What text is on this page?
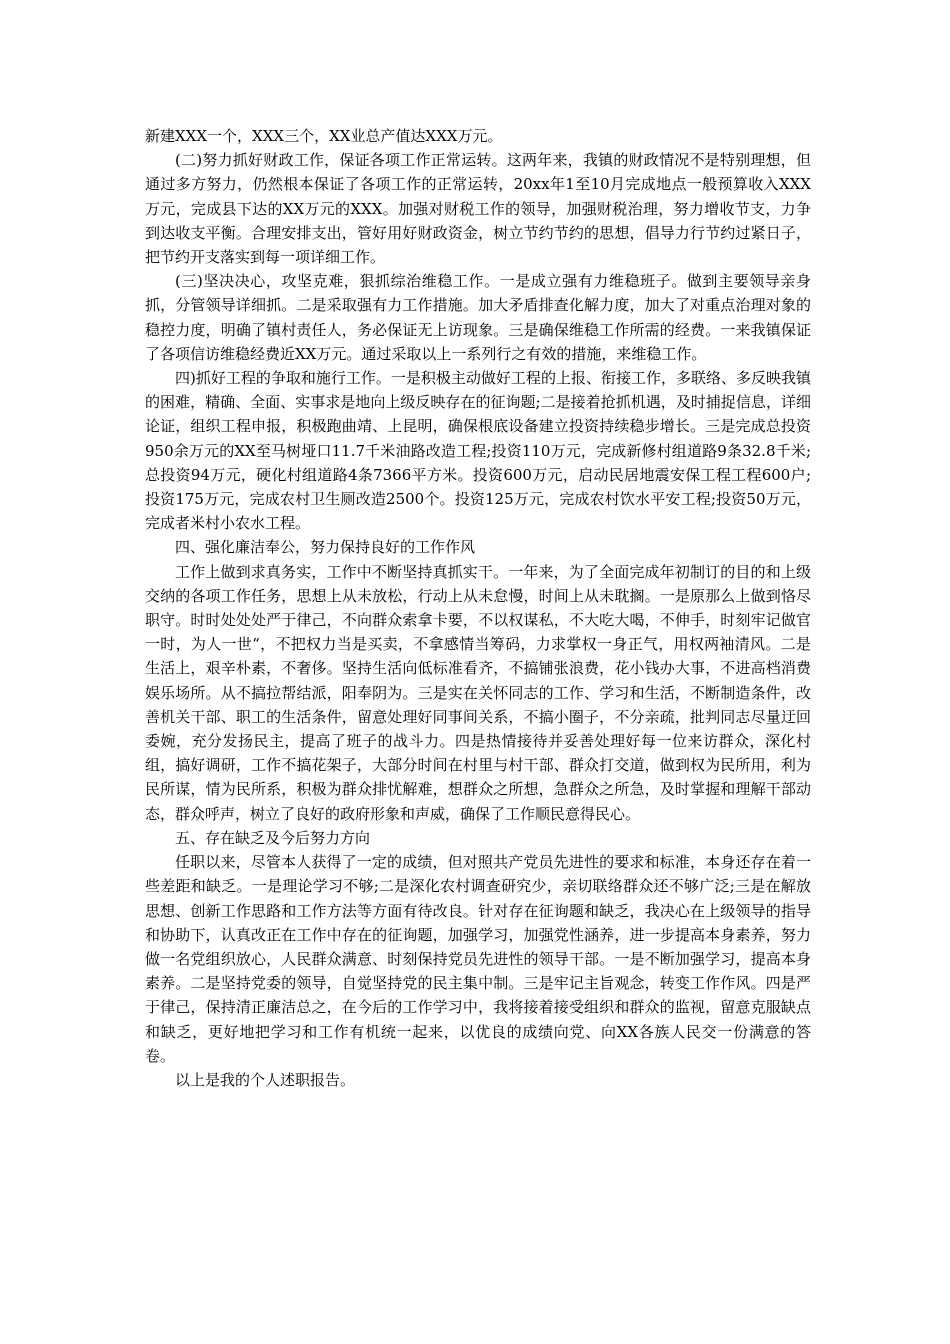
新建XXX一个，XXX三个，XX业总产值达XXX万元。

(二)努力抓好财政工作，保证各项工作正常运转。这两年来，我镇的财政情况不是特别理想，但通过多方努力，仍然根本保证了各项工作的正常运转，20xx年1至10月完成地点一般预算收入XXX万元，完成县下达的XX万元的XXX。加强对财税工作的领导，加强财税治理，努力增收节支，力争到达收支平衡。合理安排支出，管好用好财政资金，树立节约节约的思想，倡导力行节约过紧日子，把节约开支落实到每一项详细工作。

(三)坚决决心，攻坚克难，狠抓综治维稳工作。一是成立强有力维稳班子。做到主要领导亲身抓，分管领导详细抓。二是采取强有力工作措施。加大矛盾排查化解力度，加大了对重点治理对象的稳控力度，明确了镇村责任人，务必保证无上访现象。三是确保维稳工作所需的经费。一来我镇保证了各项信访维稳经费近XX万元。通过采取以上一系列行之有效的措施，来维稳工作。

四)抓好工程的争取和施行工作。一是积极主动做好工程的上报、衔接工作，多联络、多反映我镇的困难，精确、全面、实事求是地向上级反映存在的征询题;二是接着抢抓机遇，及时捕捉信息，详细论证，组织工程申报，积极跑曲靖、上昆明，确保根底设备建立投资持续稳步增长。三是完成总投资950余万元的XX至马树垭口11.7千米油路改造工程;投资110万元，完成新修村组道路9条32.8千米;总投资94万元，硬化村组道路4条7366平方米。投资600万元，启动民居地震安保工程工程600户;投资175万元，完成农村卫生厕改造2500个。投资125万元，完成农村饮水平安工程;投资50万元，完成者米村小农水工程。

四、强化廉洁奉公，努力保持良好的工作作风

工作上做到求真务实，工作中不断坚持真抓实干。一年来，为了全面完成年初制订的目的和上级交纳的各项工作任务，思想上从未放松，行动上从未怠慢，时间上从未耽搁。一是原那么上做到恪尽职守。时时处处处严于律己，不向群众索拿卡要，不以权谋私，不大吃大喝，不伸手，时刻牢记做官一时，为人一世“，不把权力当是买卖，不拿感情当筹码，力求掌权一身正气，用权两袖清风。二是生活上，艰辛朴素，不奢侈。坚持生活向低标准看齐，不搞铺张浪费，花小钱办大事，不进高档消费娱乐场所。从不搞拉帮结派，阳奉阴为。三是实在关怀同志的工作、学习和生活，不断制造条件，改善机关干部、职工的生活条件，留意处理好同事间关系，不搞小圈子，不分亲疏，批判同志尽量迂回委婉，充分发扬民主，提高了班子的战斗力。四是热情接待并妥善处理好每一位来访群众，深化村组，搞好调研，工作不搞花架子，大部分时间在村里与村干部、群众打交道，做到权为民所用，利为民所谋，情为民所系，积极为群众排忧解难，想群众之所想，急群众之所急，及时掌握和理解干部动态，群众呼声，树立了良好的政府形象和声威，确保了工作顺民意得民心。

五、存在缺乏及今后努力方向

任职以来，尽管本人获得了一定的成绩，但对照共产党员先进性的要求和标准，本身还存在着一些差距和缺乏。一是理论学习不够;二是深化农村调查研究少，亲切联络群众还不够广泛;三是在解放思想、创新工作思路和工作方法等方面有待改良。针对存在征询题和缺乏，我决心在上级领导的指导和协助下，认真改正在工作中存在的征询题，加强学习，加强党性涵养，进一步提高本身素养，努力做一名党组织放心，人民群众满意、时刻保持党员先进性的领导干部。一是不断加强学习，提高本身素养。二是坚持党委的领导，自觉坚持党的民主集中制。三是牢记主旨观念，转变工作作风。四是严于律己，保持清正廉洁总之，在今后的工作学习中，我将接着接受组织和群众的监视，留意克服缺点和缺乏，更好地把学习和工作有机统一起来，以优良的成绩向党、向XX各族人民交一份满意的答卷。

以上是我的个人述职报告。
